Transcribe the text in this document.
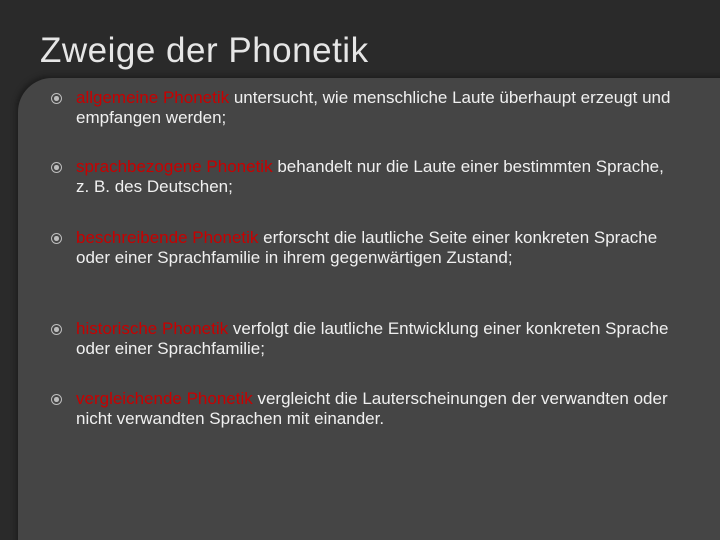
Zweige der Phonetik
allgemeine Phonetik untersucht, wie menschliche Laute überhaupt erzeugt und empfangen werden;
sprachbezogene Phonetik behandelt nur die Laute einer bestimmten Sprache, z. B. des Deutschen;
beschreibende Phonetik erforscht die lautliche Seite einer konkreten Sprache oder einer Sprachfamilie in ihrem gegenwärtigen Zustand;
historische Phonetik verfolgt die lautliche Entwicklung einer konkreten Sprache oder einer Sprachfamilie;
vergleichende Phonetik vergleicht die Lauterscheinungen der verwandten oder nicht verwandten Sprachen mit einander.
